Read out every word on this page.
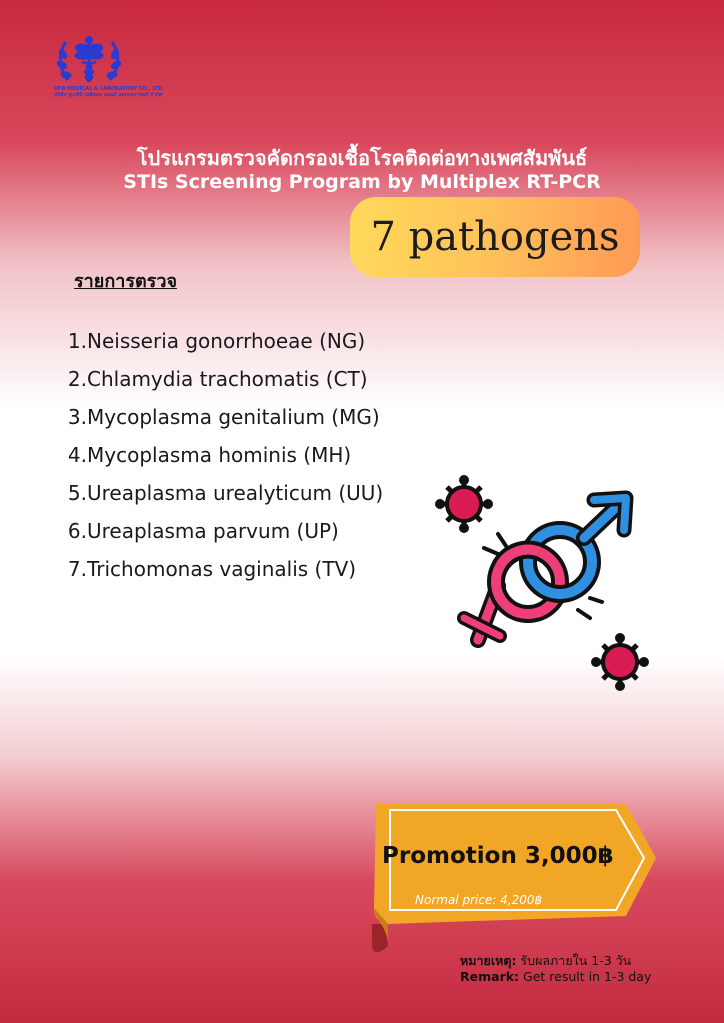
UFB MEDICAL & LABORATORY CO., LTD.
บริษัท ยูเอฟบี เมดิคอล แอนด์ แลบบอราทอรี่ จำกัด
โปรแกรมตรวจคัดกรองเชื้อโรคติดต่อทางเพศสัมพันธ์
STIs Screening Program by Multiplex RT-PCR
7 pathogens
รายการตรวจ
1. Neisseria gonorrhoeae (NG)
2. Chlamydia trachomatis (CT)
3. Mycoplasma genitalium (MG)
4. Mycoplasma hominis (MH)
5. Ureaplasma urealyticum (UU)
6. Ureaplasma parvum (UP)
7. Trichomonas vaginalis (TV)
Promotion 3,000฿
Normal price: 4,200฿
หมายเหตุ: รับผลภายใน 1-3 วัน
Remark: Get result in 1-3 day
